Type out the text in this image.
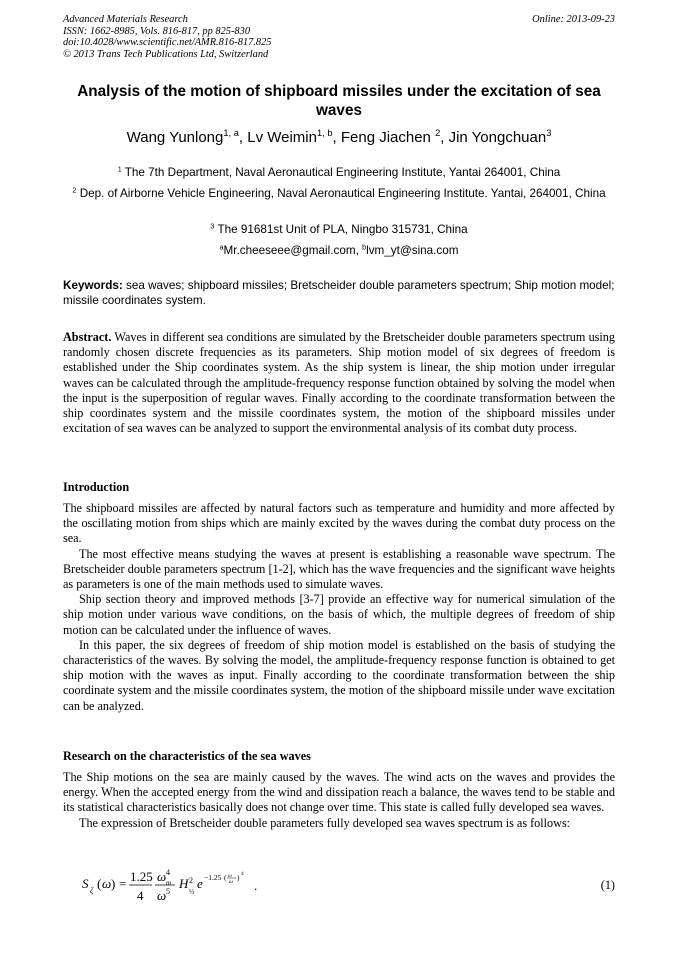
Advanced Materials Research
ISSN: 1662-8985, Vols. 816-817, pp 825-830
doi:10.4028/www.scientific.net/AMR.816-817.825
© 2013 Trans Tech Publications Ltd, Switzerland
Online: 2013-09-23
Analysis of the motion of shipboard missiles under the excitation of sea waves
Wang Yunlong$^{1, a}$, Lv Weimin$^{1, b}$, Feng Jiachen $^2$, Jin Yongchuan$^3$
$^1$ The 7th Department, Naval Aeronautical Engineering Institute, Yantai 264001, China
$^2$ Dep. of Airborne Vehicle Engineering, Naval Aeronautical Engineering Institute. Yantai, 264001, China
$^3$ The 91681st Unit of PLA, Ningbo 315731, China
$^a$Mr.cheeseee@gmail.com, $^b$lvm_yt@sina.com
Keywords: sea waves; shipboard missiles; Bretscheider double parameters spectrum; Ship motion model; missile coordinates system.

Abstract. Waves in different sea conditions are simulated by the Bretscheider double parameters spectrum using randomly chosen discrete frequencies as its parameters. Ship motion model of six degrees of freedom is established under the Ship coordinates system. As the ship system is linear, the ship motion under irregular waves can be calculated through the amplitude-frequency response function obtained by solving the model when the input is the superposition of regular waves. Finally according to the coordinate transformation between the ship coordinates system and the missile coordinates system, the motion of the shipboard missiles under excitation of sea waves can be analyzed to support the environmental analysis of its combat duty process.

Introduction

The shipboard missiles are affected by natural factors such as temperature and humidity and more affected by the oscillating motion from ships which are mainly excited by the waves during the combat duty process on the sea.

The most effective means studying the waves at present is establishing a reasonable wave spectrum. The Bretscheider double parameters spectrum [1-2], which has the wave frequencies and the significant wave heights as parameters is one of the main methods used to simulate waves.

Ship section theory and improved methods [3-7] provide an effective way for numerical simulation of the ship motion under various wave conditions, on the basis of which, the multiple degrees of freedom of ship motion can be calculated under the influence of waves.

In this paper, the six degrees of freedom of ship motion model is established on the basis of studying the characteristics of the waves. By solving the model, the amplitude-frequency response function is obtained to get ship motion with the waves as input. Finally according to the coordinate transformation between the ship coordinate system and the missile coordinates system, the motion of the shipboard missile under wave excitation can be analyzed.

Research on the characteristics of the sea waves

The Ship motions on the sea are mainly caused by the waves. The wind acts on the waves and provides the energy. When the accepted energy from the wind and dissipation reach a balance, the waves tend to be stable and its statistical characteristics basically does not change over time. This state is called fully developed sea waves.

The expression of Bretscheider double parameters fully developed sea waves spectrum is as follows:

S ζ ( ω ) = 1.25
4
ω 4
m
ω 5
H 2
⅓
e −1.25 ( ω
ω ) 4
.	(1)
